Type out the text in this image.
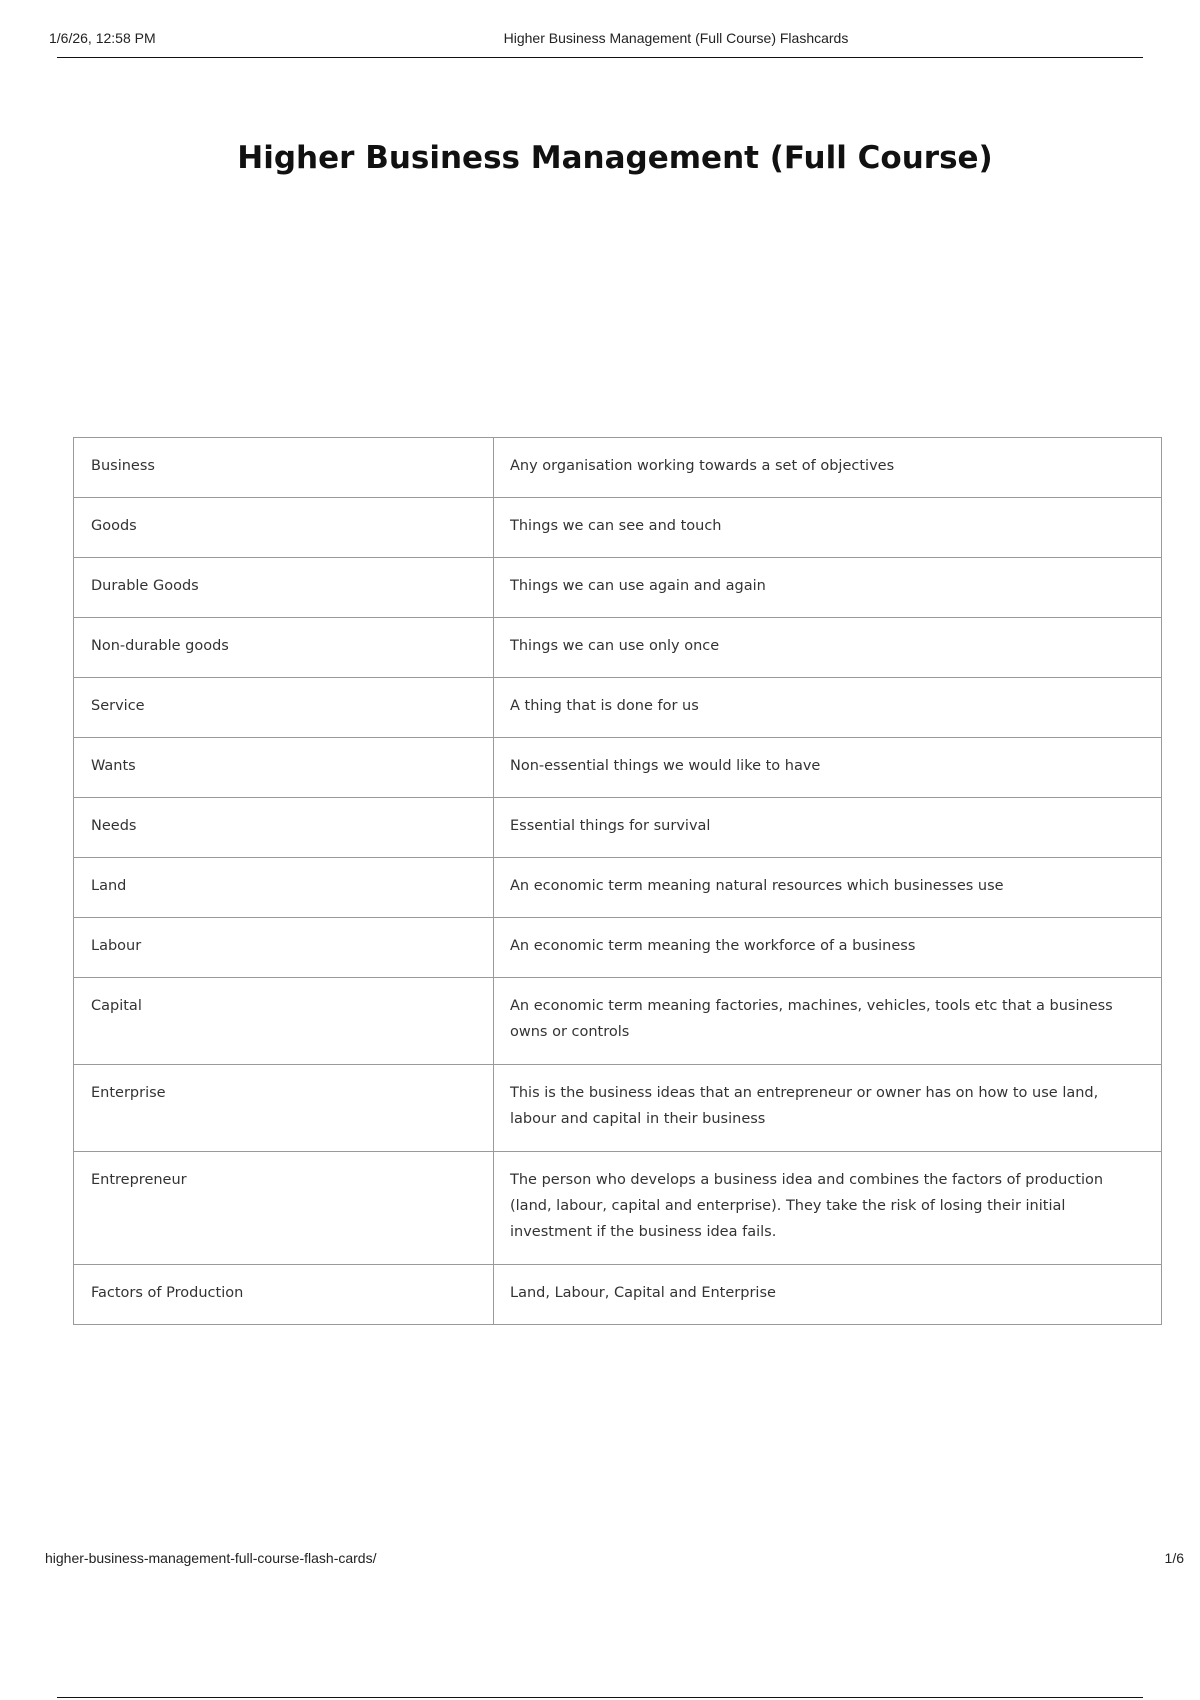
1/6/26, 12:58 PM	Higher Business Management (Full Course) Flashcards
Higher Business Management (Full Course)
Business	Any organisation working towards a set of objectives
Goods	Things we can see and touch
Durable Goods	Things we can use again and again
Non-durable goods	Things we can use only once
Service	A thing that is done for us
Wants	Non-essential things we would like to have
Needs	Essential things for survival
Land	An economic term meaning natural resources which businesses use
Labour	An economic term meaning the workforce of a business
Capital	An economic term meaning factories, machines, vehicles, tools etc that a business owns or controls
Enterprise	This is the business ideas that an entrepreneur or owner has on how to use land, labour and capital in their business
Entrepreneur	The person who develops a business idea and combines the factors of production (land, labour, capital and enterprise). They take the risk of losing their initial investment if the business idea fails.
Factors of Production	Land, Labour, Capital and Enterprise
higher-business-management-full-course-flash-cards/	1/6
